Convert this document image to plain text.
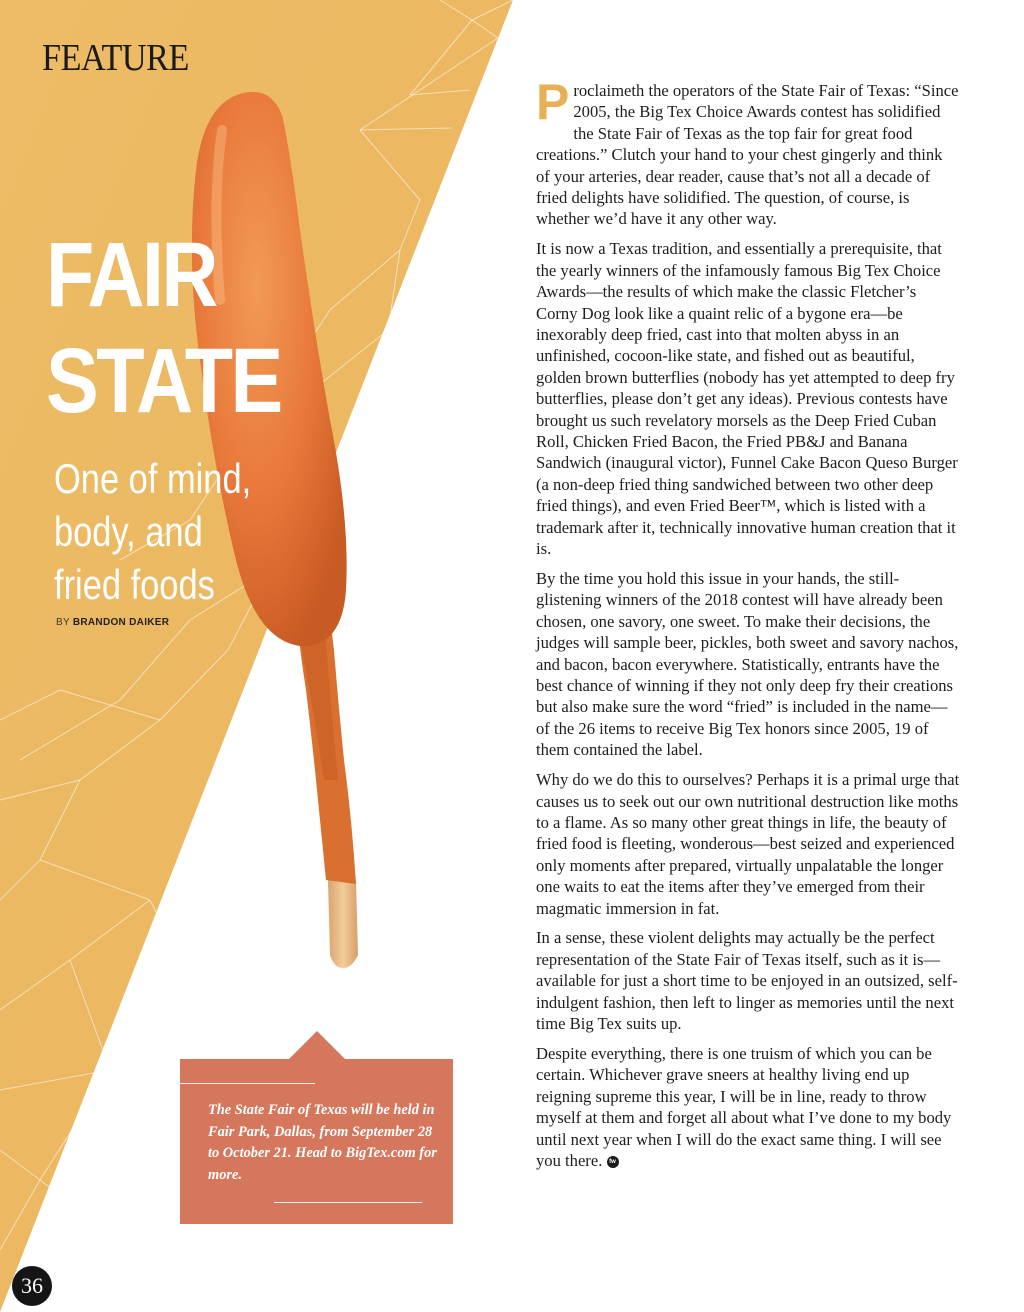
FEATURE
FAIR
STATE
One of mind,
body, and
fried foods
BY BRANDON DAIKER

Proclaimeth the operators of the State Fair of Texas: “Since 2005, the Big Tex Choice Awards contest has solidified the State Fair of Texas as the top fair for great food creations.” Clutch your hand to your chest gingerly and think of your arteries, dear reader, cause that’s not all a decade of fried delights have solidified. The question, of course, is whether we’d have it any other way.

It is now a Texas tradition, and essentially a prerequisite, that the yearly winners of the infamously famous Big Tex Choice Awards—the results of which make the classic Fletcher’s Corny Dog look like a quaint relic of a bygone era—be inexorably deep fried, cast into that molten abyss in an unfinished, cocoon-like state, and fished out as beautiful, golden brown butterflies (nobody has yet attempted to deep fry butterflies, please don’t get any ideas). Previous contests have brought us such revelatory morsels as the Deep Fried Cuban Roll, Chicken Fried Bacon, the Fried PB&J and Banana Sandwich (inaugural victor), Funnel Cake Bacon Queso Burger (a non-deep fried thing sandwiched between two other deep fried things), and even Fried Beer™, which is listed with a trademark after it, technically innovative human creation that it is.

By the time you hold this issue in your hands, the still-glistening winners of the 2018 contest will have already been chosen, one savory, one sweet. To make their decisions, the judges will sample beer, pickles, both sweet and savory nachos, and bacon, bacon everywhere. Statistically, entrants have the best chance of winning if they not only deep fry their creations but also make sure the word “fried” is included in the name—of the 26 items to receive Big Tex honors since 2005, 19 of them contained the label.

Why do we do this to ourselves? Perhaps it is a primal urge that causes us to seek out our own nutritional destruction like moths to a flame. As so many other great things in life, the beauty of fried food is fleeting, wonderous—best seized and experienced only moments after prepared, virtually unpalatable the longer one waits to eat the items after they’ve emerged from their magmatic immersion in fat.

In a sense, these violent delights may actually be the perfect representation of the State Fair of Texas itself, such as it is—available for just a short time to be enjoyed in an outsized, self-indulgent fashion, then left to linger as memories until the next time Big Tex suits up.

Despite everything, there is one truism of which you can be certain. Whichever grave sneers at healthy living end up reigning supreme this year, I will be in line, ready to throw myself at them and forget all about what I’ve done to my body until next year when I will do the exact same thing. I will see you there. fw

The State Fair of Texas will be held in Fair Park, Dallas, from September 28 to October 21. Head to BigTex.com for more.
36
